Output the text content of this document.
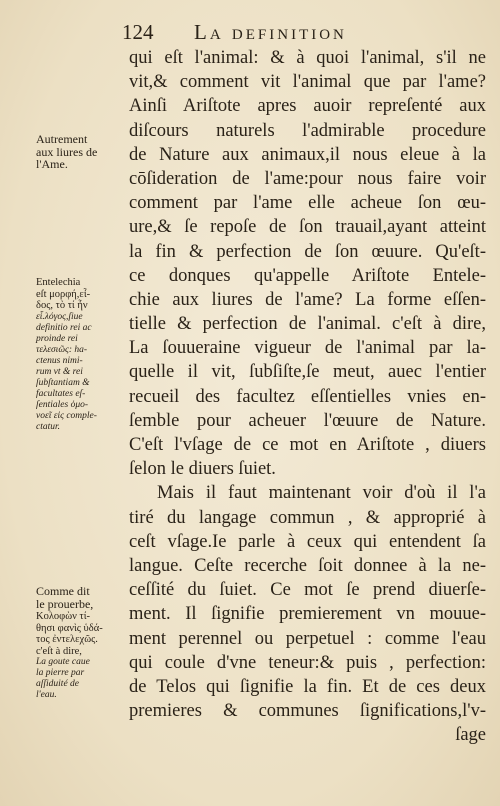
124 La definition
qui eſt l'animal: & à quoi l'animal, s'il ne
vit,& comment vit l'animal que par l'ame?
Ainſi Ariſtote apres auoir repreſenté aux
diſcours naturels l'admirable procedure
de Nature aux animaux,il nous eleue à la
cōſideration de l'ame:pour nous faire voir
comment par l'ame elle acheue ſon œu-
ure,& ſe repoſe de ſon trauail,ayant atteint
la fin & perfection de ſon œuure. Qu'eſt-
ce donques qu'appelle Ariſtote Entele-
chie aux liures de l'ame? La forme eſſen-
tielle & perfection de l'animal. c'eſt à dire,
La ſouueraine vigueur de l'animal par la-
quelle il vit, ſubſiſte,ſe meut, auec l'entier
recueil des facultez eſſentielles vnies en-
ſemble pour acheuer l'œuure de Nature.
C'eſt l'vſage de ce mot en Ariſtote , diuers
ſelon le diuers ſuiet.
Mais il faut maintenant voir d'où il l'a
tiré du langage commun , & approprié à
ceſt vſage.Ie parle à ceux qui entendent ſa
langue. Ceſte recerche ſoit donnee à la ne-
ceſſité du ſuiet. Ce mot ſe prend diuerſe-
ment. Il ſignifie premierement vn mouue-
ment perennel ou perpetuel : comme l'eau
qui coule d'vne teneur:& puis , perfection:
de Telos qui ſignifie la fin. Et de ces deux
premieres & communes ſignifications,l'v-
ſage
Autrement
aux liures de
l'Ame.
Entelechia
eſt μορφή,εἶ-
δος, τὸ τί ἦν
εἶ.λόγος,ſiue
definitio rei ac
proinde rei
τελεσιῶς: ha-
ctenus nimi-
rum vt & rei
ſubſtantiam &
facultates eſ-
ſentiales ὁμο-
νοεῖ εἰς comple-
ctatur.
Comme dit
le prouerbe,
Κολοφὼν τί-
θησι φανὶς ὑδά-
τος ἐντελεχῶς.
c'eſt à dire,
La goute caue
la pierre par
aſſiduité de
l'eau.
